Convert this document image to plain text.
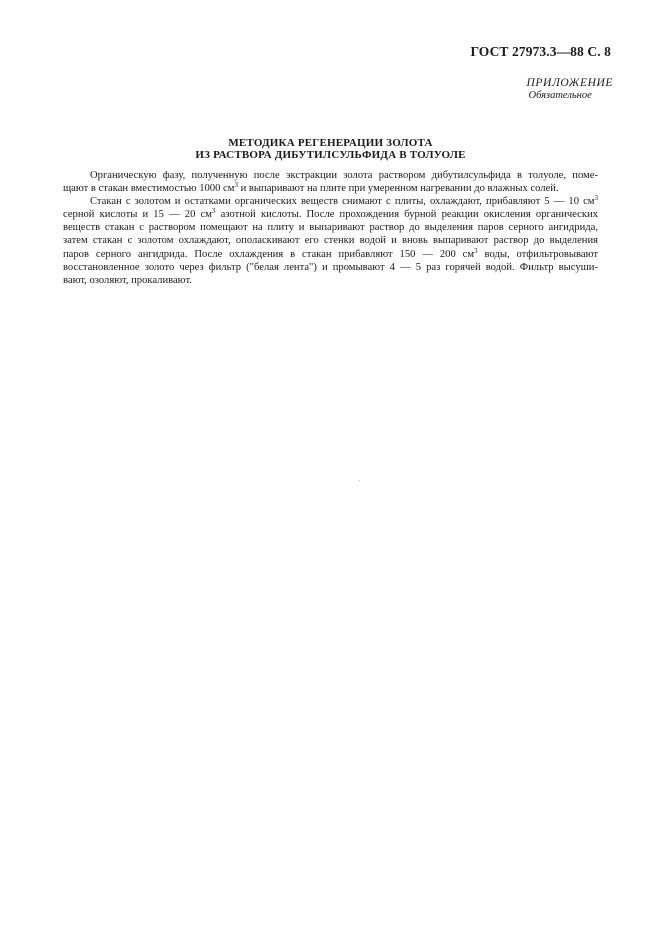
ГОСТ 27973.3—88 С. 8
ПРИЛОЖЕНИЕ
Обязательное
МЕТОДИКА РЕГЕНЕРАЦИИ ЗОЛОТА
ИЗ РАСТВОРА ДИБУТИЛСУЛЬФИДА В ТОЛУОЛЕ
Органическую фазу, полученную после экстракции золота раствором дибутилсульфида в толуоле, поме-
щают в стакан вместимостью 1000 $см^3$ и выпаривают на плите при умеренном нагревании до влажных солей.
Стакан с золотом и остатками органических веществ снимают с плиты, охлаждают, прибавляют 5 — 10 $см^3$
серной кислоты и 15 — 20 $см^3$ азотной кислоты. После прохождения бурной реакции окисления органических
веществ стакан с раствором помещают на плиту и выпаривают раствор до выделения паров серного ангидрида,
затем стакан с золотом охлаждают, ополаскивают его стенки водой и вновь выпаривают раствор до выделения
паров серного ангидрида. После охлаждения в стакан прибавляют 150 — 200 $см^3$ воды, отфильтровывают
восстановленное золото через фильтр ("белая лента") и промывают 4 — 5 раз горячей водой. Фильтр высуши-
вают, озоляют, прокаливают.
